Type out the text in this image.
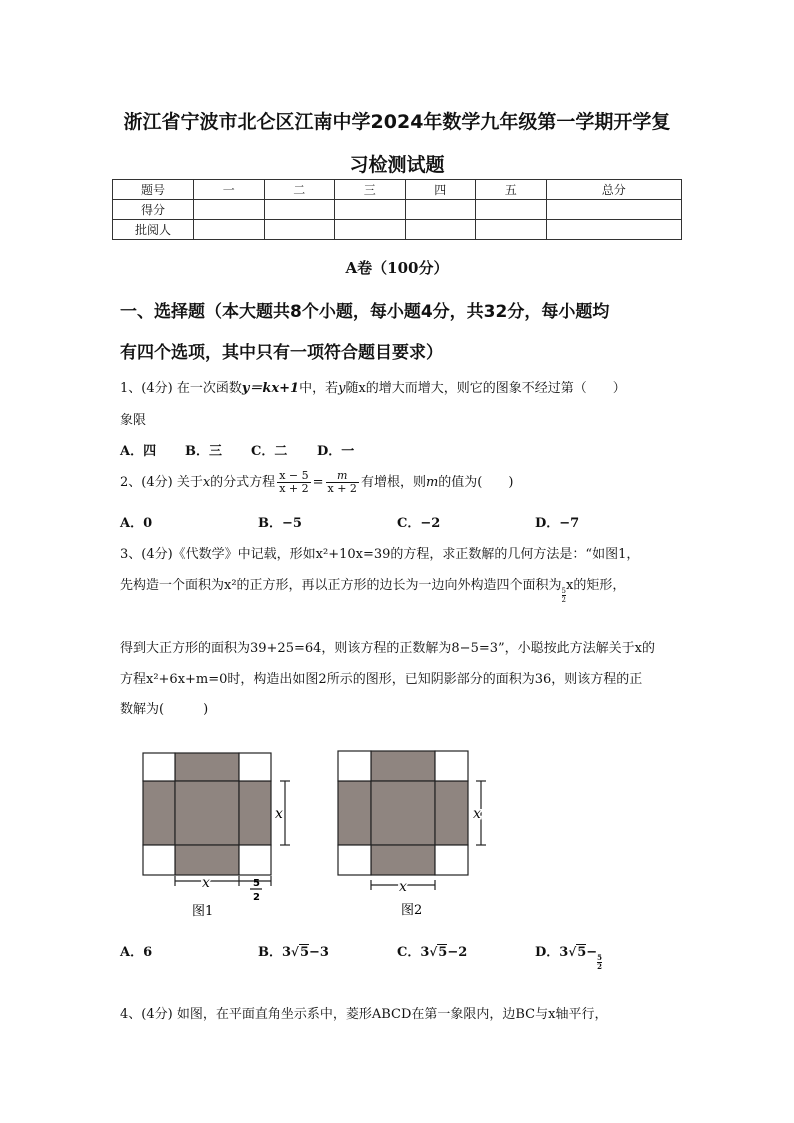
浙江省宁波市北仑区江南中学2024年数学九年级第一学期开学复
习检测试题
题号	一	二	三	四	五	总分
得分						
批阅人						
A卷（100分）
一、选择题（本大题共8个小题，每小题4分，共32分，每小题均
有四个选项，其中只有一项符合题目要求）
1、(4分) 在一次函数y＝kx+1中，若y随x的增大而增大，则它的图象不经过第（　　）
象限
A．四 B．三 C．二 D．一
2、(4分) 关于x的分式方程 $\frac{x - 5}{x + 2} = \frac{m}{x + 2}$ 有增根，则m的值为(　　)
A．0	B．−5	C．−2	D．−7
3、(4分)《代数学》中记载，形如x²+10x=39的方程，求正数解的几何方法是：“如图1，
先构造一个面积为x²的正方形，再以正方形的边长为一边向外构造四个面积为
$\frac{5}{2}x$的矩形，
得到大正方形的面积为39+25=64，则该方程的正数解为8−5=3”，小聪按此方法解关于x的
方程x²+6x+m=0时，构造出如图2所示的图形，已知阴影部分的面积为36，则该方程的正
数解为(　　　)
x
x	5
2
图1
x
x
图2
A．6	B．3√5−3	C．3√5−2	D．3√5−
$\frac{5}{2}$
4、(4分) 如图，在平面直角坐示系中，菱形ABCD在第一象限内，边BC与x轴平行，
